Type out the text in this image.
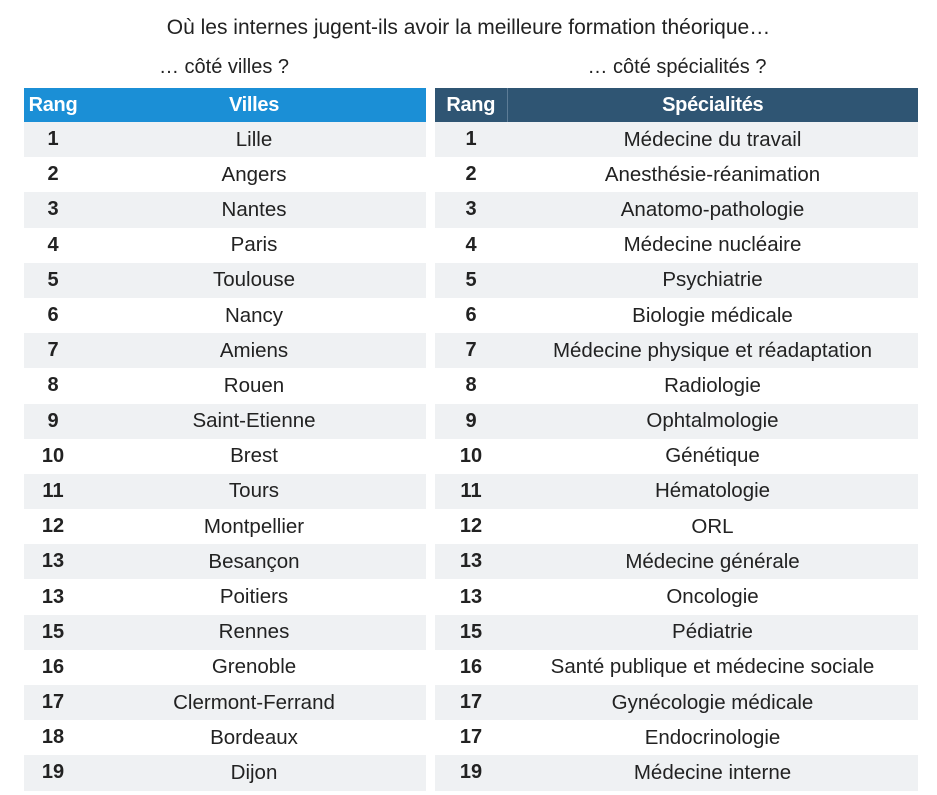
Où les internes jugent-ils avoir la meilleure formation théorique…
… côté villes ?	… côté spécialités ?
Rang	Villes
1	Lille
2	Angers
3	Nantes
4	Paris
5	Toulouse
6	Nancy
7	Amiens
8	Rouen
9	Saint-Etienne
10	Brest
11	Tours
12	Montpellier
13	Besançon
13	Poitiers
15	Rennes
16	Grenoble
17	Clermont-Ferrand
18	Bordeaux
19	Dijon
Rang	Spécialités
1	Médecine du travail
2	Anesthésie-réanimation
3	Anatomo-pathologie
4	Médecine nucléaire
5	Psychiatrie
6	Biologie médicale
7	Médecine physique et réadaptation
8	Radiologie
9	Ophtalmologie
10	Génétique
11	Hématologie
12	ORL
13	Médecine générale
13	Oncologie
15	Pédiatrie
16	Santé publique et médecine sociale
17	Gynécologie médicale
17	Endocrinologie
19	Médecine interne
